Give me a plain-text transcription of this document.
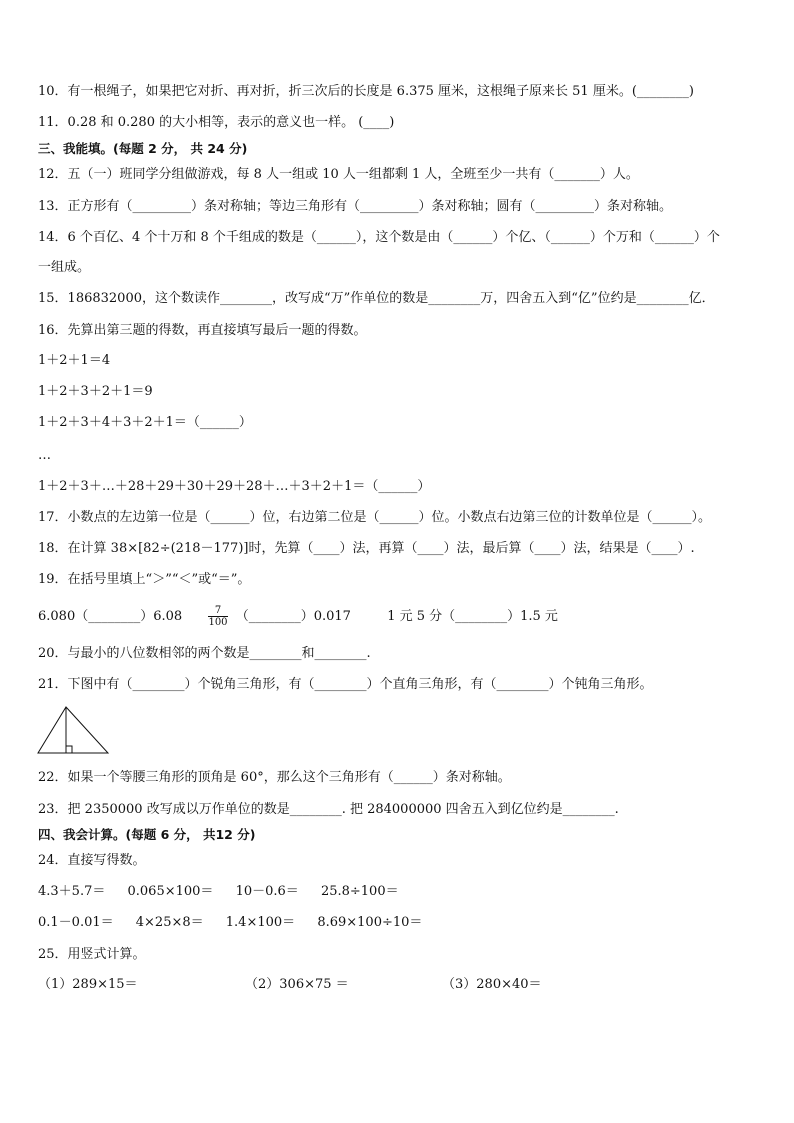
10．有一根绳子，如果把它对折、再对折，折三次后的长度是 6.375 厘米，这根绳子原来长 51 厘米。(________)
11．0.28 和 0.280 的大小相等，表示的意义也一样。 (____)
三、我能填。(每题 2 分， 共 24 分)
12．五（一）班同学分组做游戏，每 8 人一组或 10 人一组都剩 1 人，全班至少一共有（_______）人。
13．正方形有（_________）条对称轴；等边三角形有（_________）条对称轴；圆有（_________）条对称轴。
14．6 个百亿、4 个十万和 8 个千组成的数是（______），这个数是由（______）个亿、（______）个万和（______）个
一组成。
15．186832000，这个数读作________，改写成“万”作单位的数是________万，四舍五入到“亿”位约是________亿．
16．先算出第三题的得数，再直接填写最后一题的得数。
1＋2＋1＝4
1＋2＋3＋2＋1＝9
1＋2＋3＋4＋3＋2＋1＝（______）
…
1＋2＋3＋…＋28＋29＋30＋29＋28＋…＋3＋2＋1＝（______）
17．小数点的左边第一位是（______）位，右边第二位是（______）位。小数点右边第三位的计数单位是（______）。
18．在计算 38×[82÷(218－177)]时，先算（____）法，再算（____）法，最后算（____）法，结果是（____）.
19．在括号里填上“＞”“＜”或“＝”。
6.080（________）6.08	$\frac{7}{100}$ （________）0.017	1 元 5 分（________）1.5 元
20．与最小的八位数相邻的两个数是________和________.
21．下图中有（________）个锐角三角形，有（________）个直角三角形，有（________）个钝角三角形。
22．如果一个等腰三角形的顶角是 60°，那么这个三角形有（______）条对称轴。
23．把 2350000 改写成以万作单位的数是________. 把 284000000 四舍五入到亿位约是________.
四、我会计算。(每题 6 分， 共12 分)
24．直接写得数。
4.3＋5.7＝ 0.065×100＝ 10－0.6＝ 25.8÷100＝
0.1－0.01＝ 4×25×8＝ 1.4×100＝ 8.69×100÷10＝
25．用竖式计算。
（1）289×15＝	（2）306×75 ＝	（3）280×40＝
